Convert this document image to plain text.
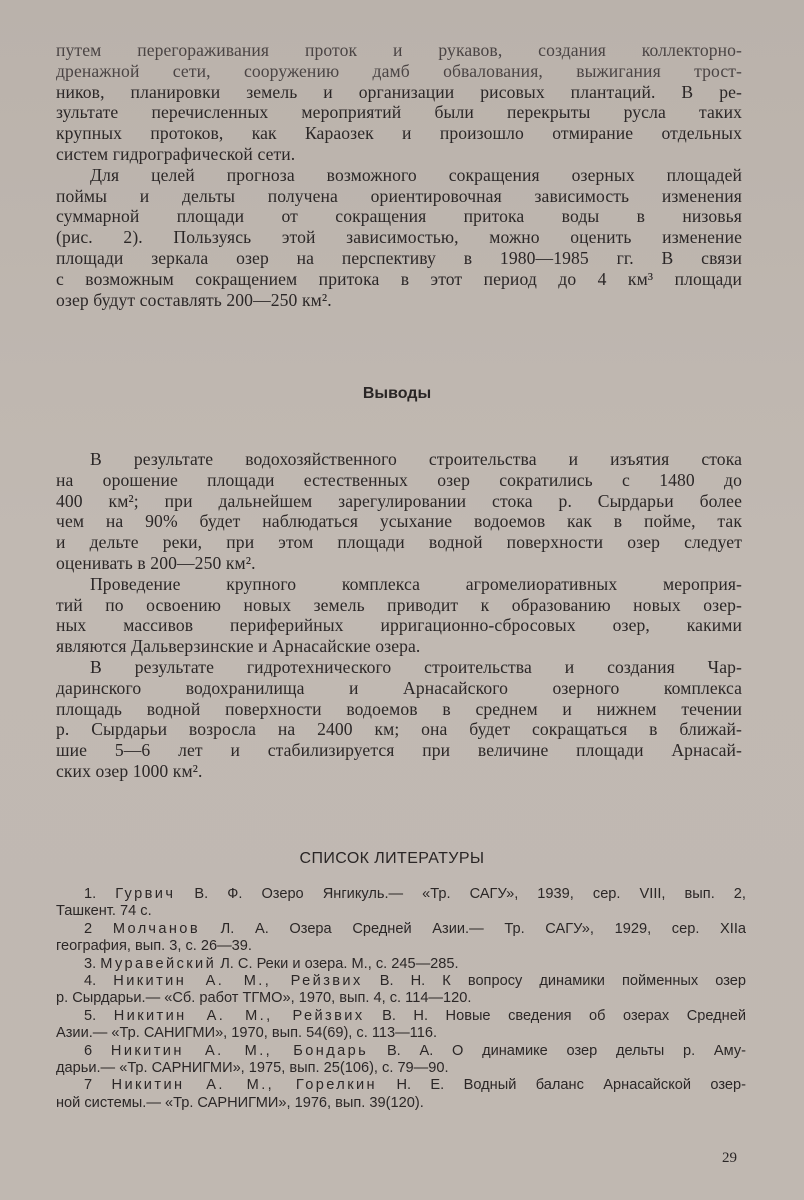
путем перегораживания проток и рукавов, создания коллекторно-
дренажной сети, сооружению дамб обвалования, выжигания трост-
ников, планировки земель и организации рисовых плантаций. В ре-
зультате перечисленных мероприятий были перекрыты русла таких
крупных протоков, как Караозек и произошло отмирание отдельных
систем гидрографической сети.
Для целей прогноза возможного сокращения озерных площадей
поймы и дельты получена ориентировочная зависимость изменения
суммарной площади от сокращения притока воды в низовья
(рис. 2). Пользуясь этой зависимостью, можно оценить изменение
площади зеркала озер на перспективу в 1980—1985 гг. В связи
с возможным сокращением притока в этот период до 4 км³ площади
озер будут составлять 200—250 км².
Выводы
В результате водохозяйственного строительства и изъятия стока
на орошение площади естественных озер сократились с 1480 до
400 км²; при дальнейшем зарегулировании стока р. Сырдарьи более
чем на 90% будет наблюдаться усыхание водоемов как в пойме, так
и дельте реки, при этом площади водной поверхности озер следует
оценивать в 200—250 км².
Проведение крупного комплекса агромелиоративных мероприя-
тий по освоению новых земель приводит к образованию новых озер-
ных массивов периферийных ирригационно-сбросовых озер, какими
являются Дальверзинские и Арнасайские озера.
В результате гидротехнического строительства и создания Чар-
даринского водохранилища и Арнасайского озерного комплекса
площадь водной поверхности водоемов в среднем и нижнем течении
р. Сырдарьи возросла на 2400 км; она будет сокращаться в ближай-
шие 5—6 лет и стабилизируется при величине площади Арнасай-
ских озер 1000 км².
СПИСОК ЛИТЕРАТУРЫ
1. Гурвич В. Ф. Озеро Янгикуль.— «Тр. САГУ», 1939, сер. VIII, вып. 2,
Ташкент. 74 с.
2 Молчанов Л. А. Озера Средней Азии.— Тр. САГУ», 1929, сер. XIIа
география, вып. 3, с. 26—39.
3. Муравейский Л. С. Реки и озера. М., с. 245—285.
4. Никитин А. М., Рейзвих В. Н. К вопросу динамики пойменных озер
р. Сырдарьи.— «Сб. работ ТГМО», 1970, вып. 4, с. 114—120.
5. Никитин А. М., Рейзвих В. Н. Новые сведения об озерах Средней
Азии.— «Тр. САНИГМИ», 1970, вып. 54(69), с. 113—116.
6 Никитин А. М., Бондарь В. А. О динамике озер дельты р. Аму-
дарьи.— «Тр. САРНИГМИ», 1975, вып. 25(106), с. 79—90.
7 Никитин А. М., Горелкин Н. Е. Водный баланс Арнасайской озер-
ной системы.— «Тр. САРНИГМИ», 1976, вып. 39(120).
29
